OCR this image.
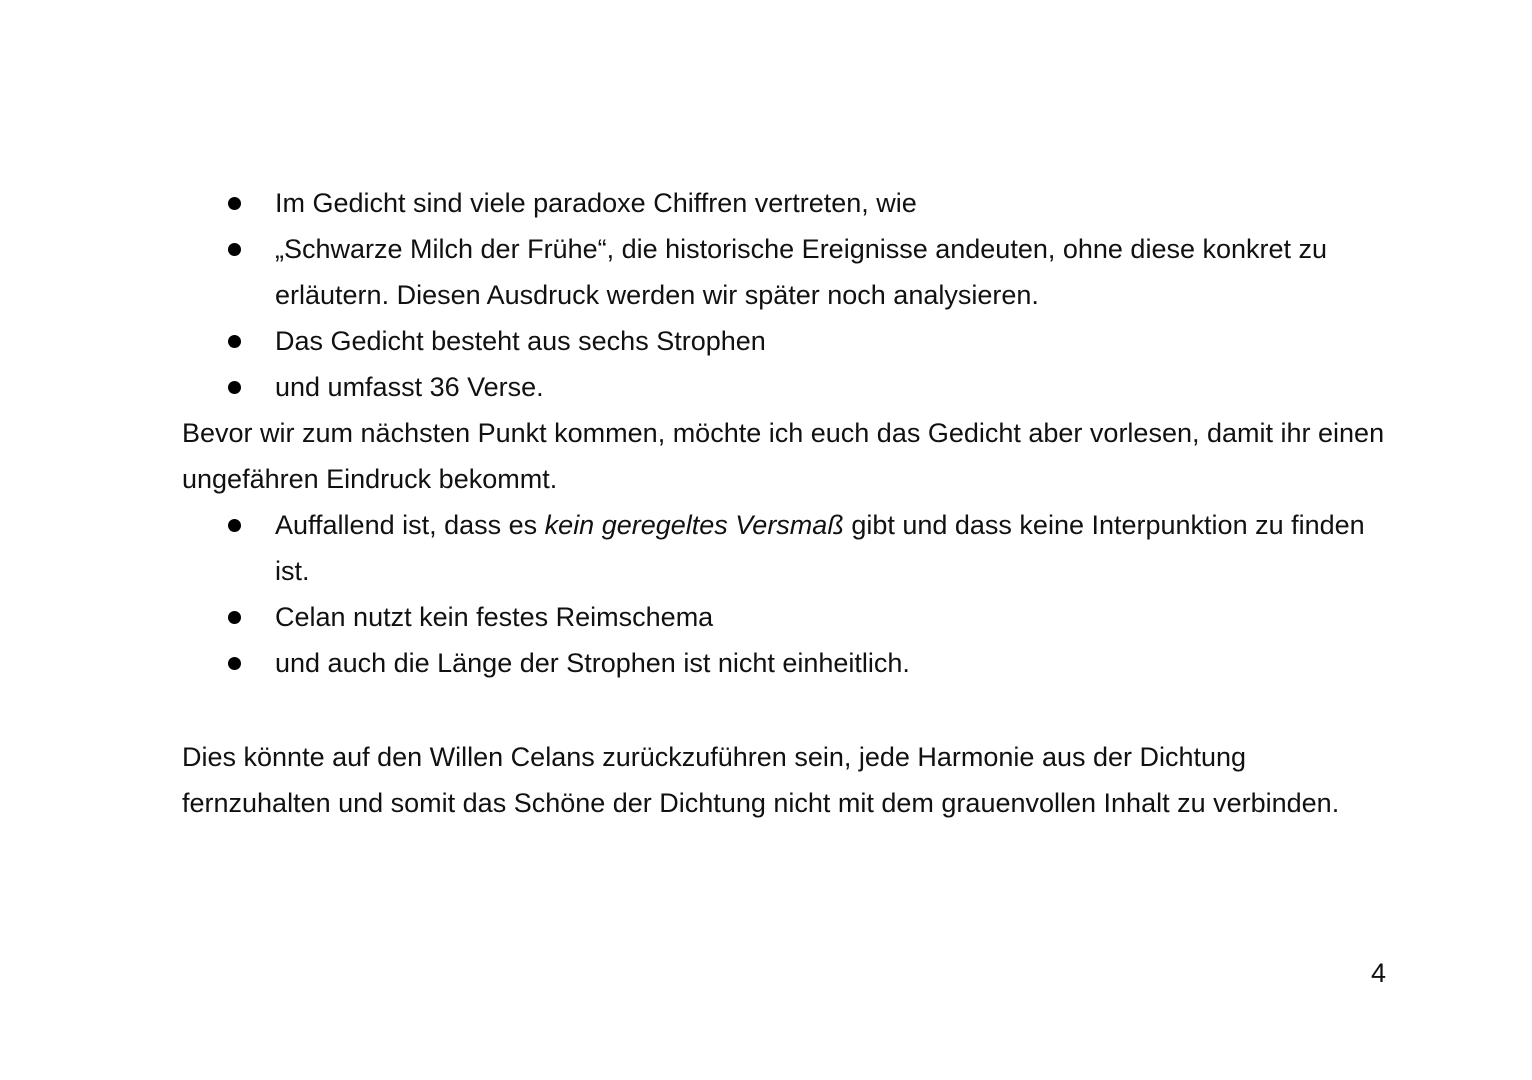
Im Gedicht sind viele paradoxe Chiffren vertreten, wie
„Schwarze Milch der Frühe“, die historische Ereignisse andeuten, ohne diese konkret zu erläutern. Diesen Ausdruck werden wir später noch analysieren.
Das Gedicht besteht aus sechs Strophen
und umfasst 36 Verse.

Bevor wir zum nächsten Punkt kommen, möchte ich euch das Gedicht aber vorlesen, damit ihr einen ungefähren Eindruck bekommt.

Auffallend ist, dass es kein geregeltes Versmaß gibt und dass keine Interpunktion zu finden ist.
Celan nutzt kein festes Reimschema
und auch die Länge der Strophen ist nicht einheitlich.

Dies könnte auf den Willen Celans zurückzuführen sein, jede Harmonie aus der Dichtung fernzuhalten und somit das Schöne der Dichtung nicht mit dem grauenvollen Inhalt zu verbinden.

4
